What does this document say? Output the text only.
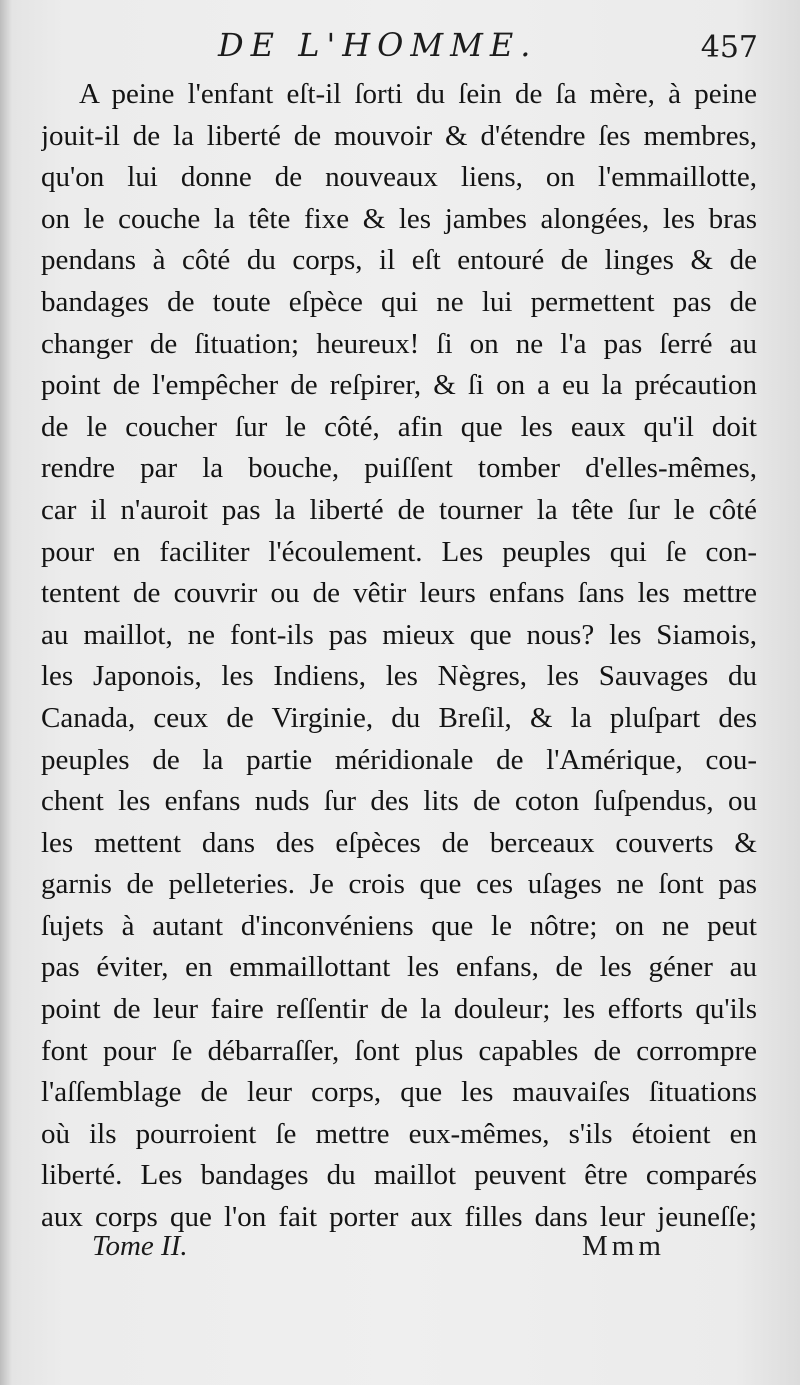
DE L'HOMME.	457
A peine l'enfant eſt-il ſorti du ſein de ſa mère, à peine
jouit-il de la liberté de mouvoir & d'étendre ſes membres,
qu'on lui donne de nouveaux liens, on l'emmaillotte,
on le couche la tête fixe & les jambes alongées, les bras
pendans à côté du corps, il eſt entouré de linges & de
bandages de toute eſpèce qui ne lui permettent pas de
changer de ſituation; heureux! ſi on ne l'a pas ſerré au
point de l'empêcher de reſpirer, & ſi on a eu la précaution
de le coucher ſur le côté, afin que les eaux qu'il doit
rendre par la bouche, puiſſent tomber d'elles-mêmes,
car il n'auroit pas la liberté de tourner la tête ſur le côté
pour en faciliter l'écoulement. Les peuples qui ſe con-
tentent de couvrir ou de vêtir leurs enfans ſans les mettre
au maillot, ne font-ils pas mieux que nous? les Siamois,
les Japonois, les Indiens, les Nègres, les Sauvages du
Canada, ceux de Virginie, du Breſil, & la pluſpart des
peuples de la partie méridionale de l'Amérique, cou-
chent les enfans nuds ſur des lits de coton ſuſpendus, ou
les mettent dans des eſpèces de berceaux couverts &
garnis de pelleteries. Je crois que ces uſages ne ſont pas
ſujets à autant d'inconvéniens que le nôtre; on ne peut
pas éviter, en emmaillottant les enfans, de les géner au
point de leur faire reſſentir de la douleur; les efforts qu'ils
font pour ſe débarraſſer, ſont plus capables de corrompre
l'aſſemblage de leur corps, que les mauvaiſes ſituations
où ils pourroient ſe mettre eux-mêmes, s'ils étoient en
liberté. Les bandages du maillot peuvent être comparés
aux corps que l'on fait porter aux filles dans leur jeuneſſe;
Tome II.	Mmm
